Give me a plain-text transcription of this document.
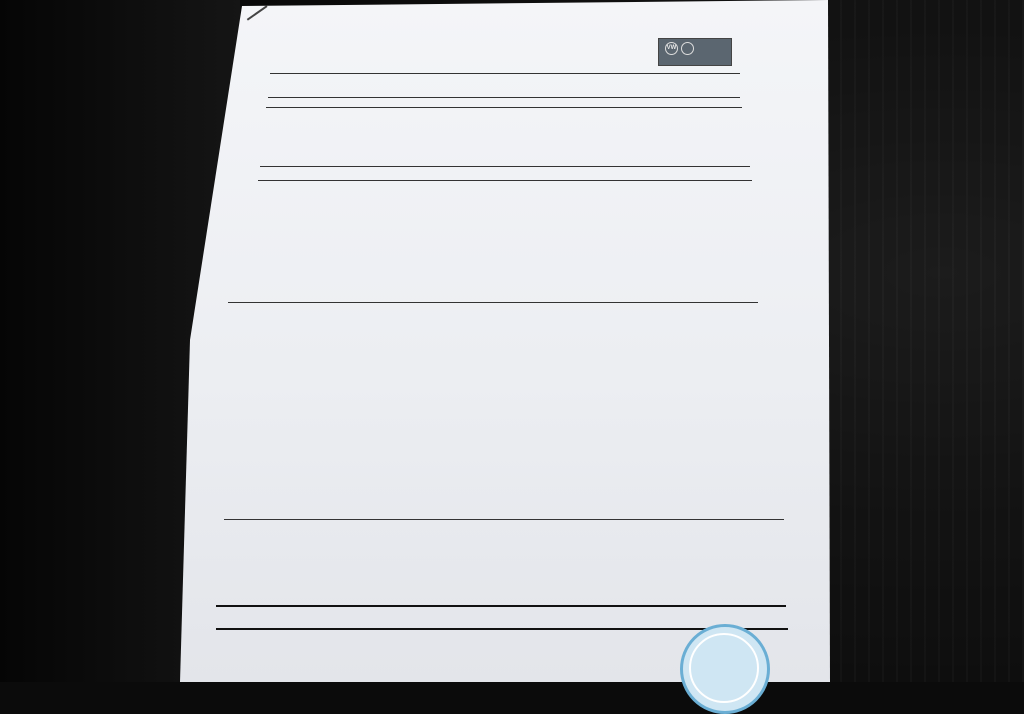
VW
